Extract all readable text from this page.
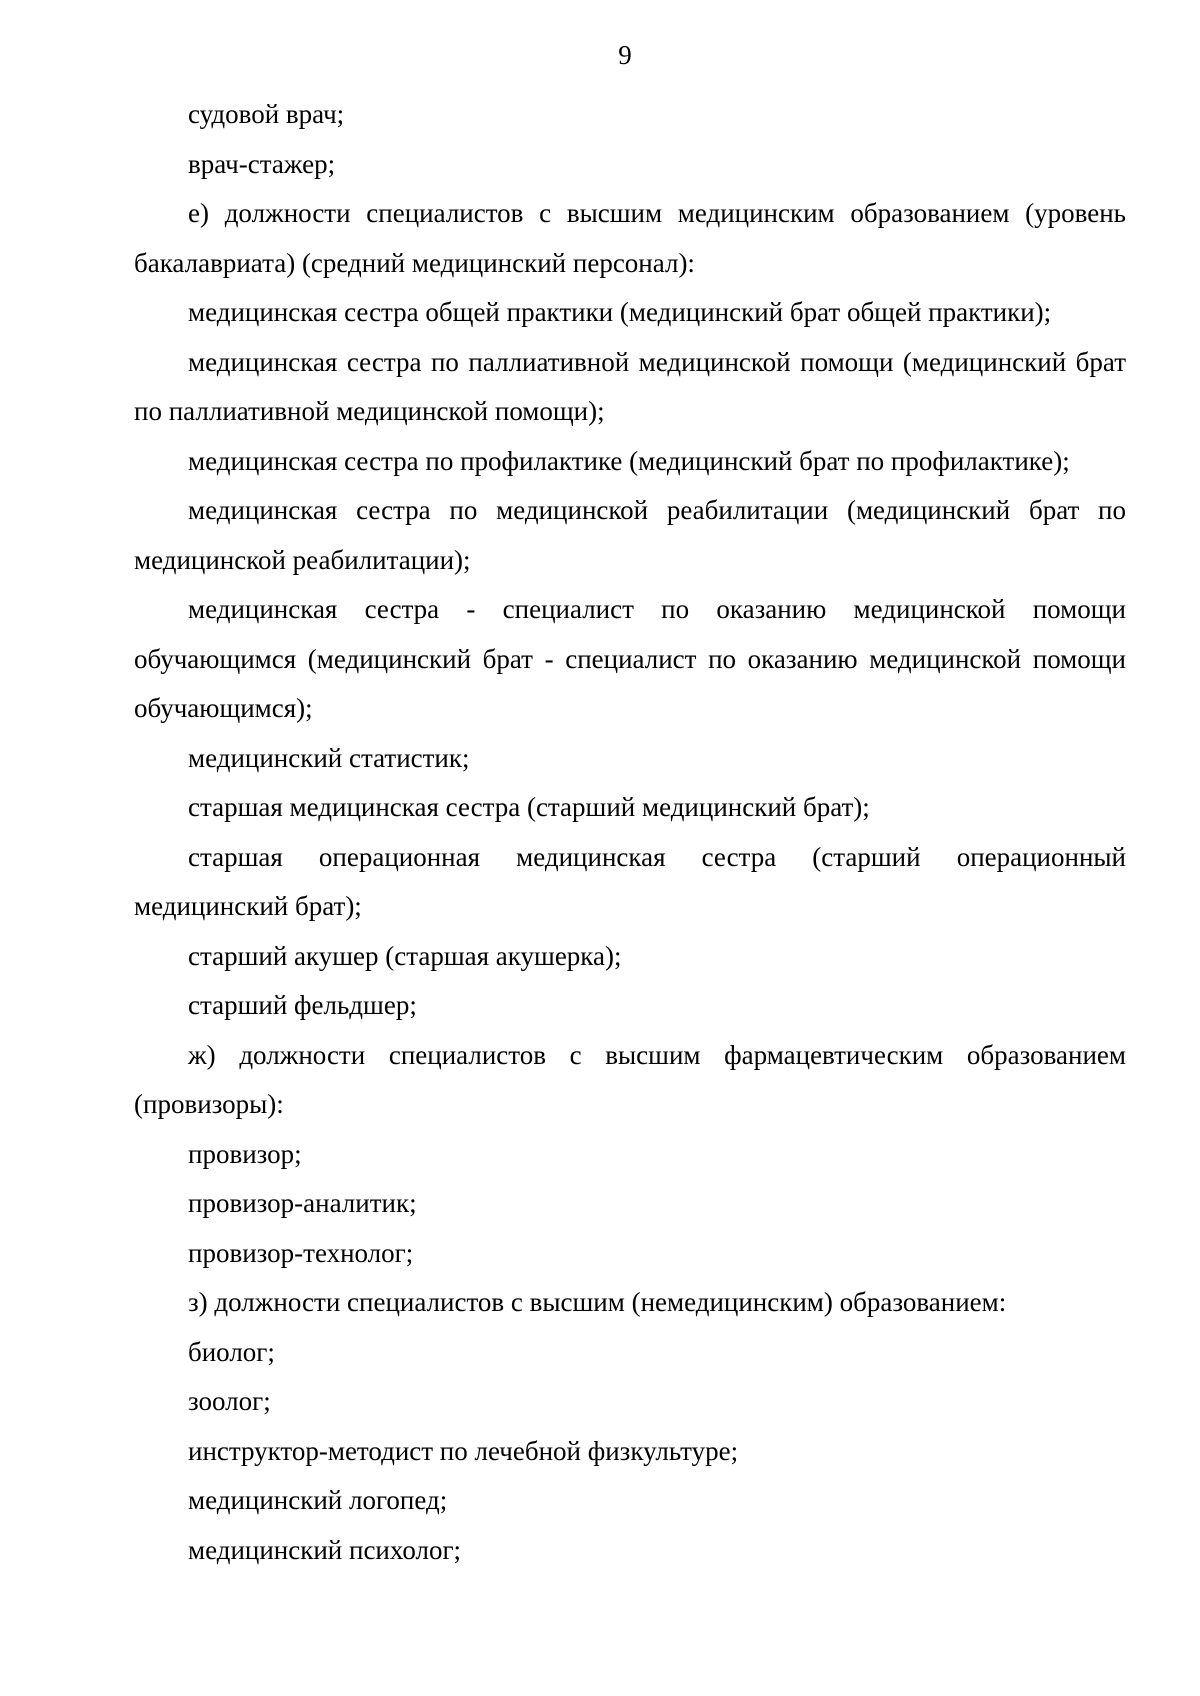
9

судовой врач;

врач-стажер;

е) должности специалистов с высшим медицинским образованием (уровень бакалавриата) (средний медицинский персонал):

медицинская сестра общей практики (медицинский брат общей практики);

медицинская сестра по паллиативной медицинской помощи (медицинский брат по паллиативной медицинской помощи);

медицинская сестра по профилактике (медицинский брат по профилактике);

медицинская сестра по медицинской реабилитации (медицинский брат по медицинской реабилитации);

медицинская сестра - специалист по оказанию медицинской помощи обучающимся (медицинский брат - специалист по оказанию медицинской помощи обучающимся);

медицинский статистик;

старшая медицинская сестра (старший медицинский брат);

старшая операционная медицинская сестра (старший операционный медицинский брат);

старший акушер (старшая акушерка);

старший фельдшер;

ж) должности специалистов с высшим фармацевтическим образованием (провизоры):

провизор;

провизор-аналитик;

провизор-технолог;

з) должности специалистов с высшим (немедицинским) образованием:

биолог;

зоолог;

инструктор-методист по лечебной физкультуре;

медицинский логопед;

медицинский психолог;
